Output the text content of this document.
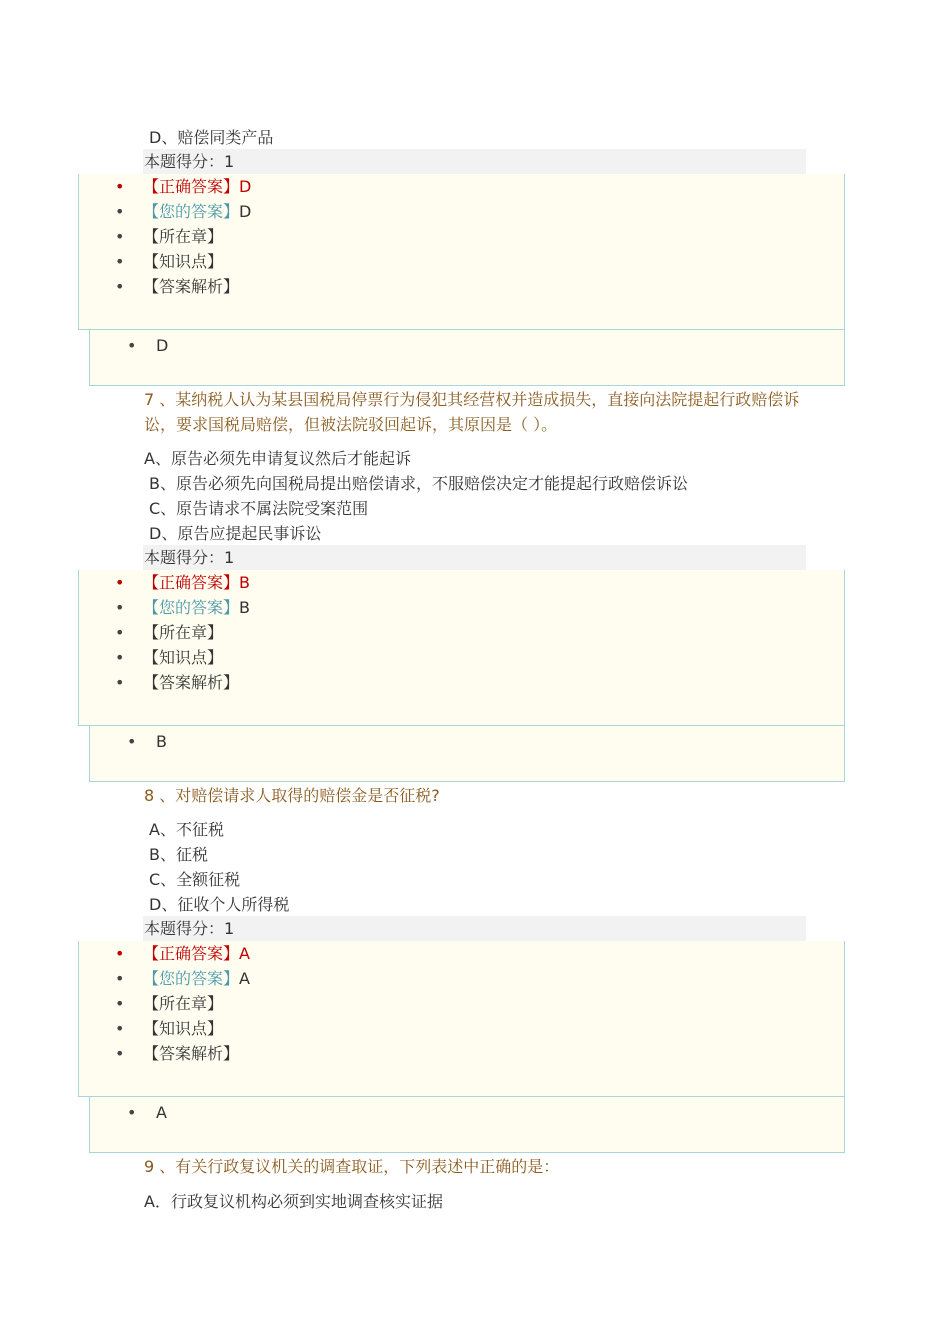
D、赔偿同类产品
本题得分：1
• 【正确答案】D
• 【您的答案】D
• 【所在章】
• 【知识点】
• 【答案解析】
• D
7 、某纳税人认为某县国税局停票行为侵犯其经营权并造成损失，直接向法院提起行政赔偿诉讼，要求国税局赔偿，但被法院驳回起诉，其原因是（ ）。
A、原告必须先申请复议然后才能起诉
B、原告必须先向国税局提出赔偿请求，不服赔偿决定才能提起行政赔偿诉讼
C、原告请求不属法院受案范围
D、原告应提起民事诉讼
本题得分：1
• 【正确答案】B
• 【您的答案】B
• 【所在章】
• 【知识点】
• 【答案解析】
• B
8 、对赔偿请求人取得的赔偿金是否征税?
A、不征税
B、征税
C、全额征税
D、征收个人所得税
本题得分：1
• 【正确答案】A
• 【您的答案】A
• 【所在章】
• 【知识点】
• 【答案解析】
• A
9 、有关行政复议机关的调查取证，下列表述中正确的是：
A．行政复议机构必须到实地调查核实证据
